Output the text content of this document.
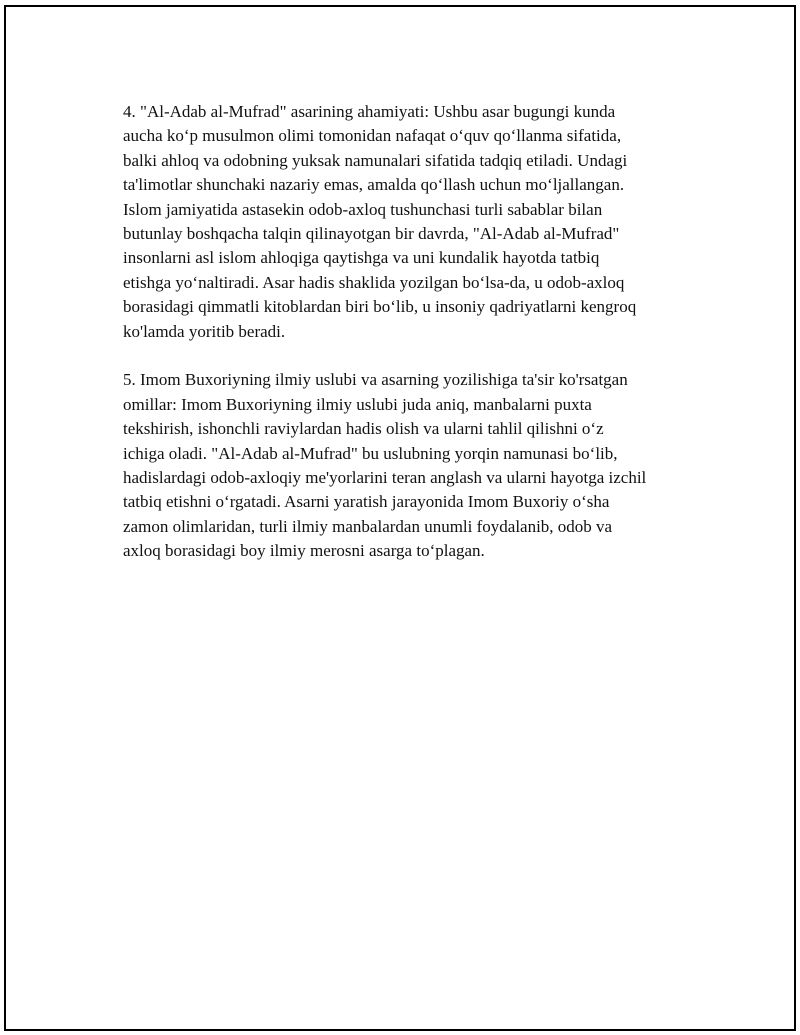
4. "Al-Adab al-Mufrad" asarining ahamiyati: Ushbu asar bugungi kunda
aucha koʻp musulmon olimi tomonidan nafaqat oʻquv qoʻllanma sifatida,
balki ahloq va odobning yuksak namunalari sifatida tadqiq etiladi. Undagi
ta'limotlar shunchaki nazariy emas, amalda qoʻllash uchun moʻljallangan.
Islom jamiyatida astasekin odob-axloq tushunchasi turli sabablar bilan
butunlay boshqacha talqin qilinayotgan bir davrda, "Al-Adab al-Mufrad"
insonlarni asl islom ahloqiga qaytishga va uni kundalik hayotda tatbiq
etishga yoʻnaltiradi. Asar hadis shaklida yozilgan boʻlsa-da, u odob-axloq
borasidagi qimmatli kitoblardan biri boʻlib, u insoniy qadriyatlarni kengroq
ko'lamda yoritib beradi.

5. Imom Buxoriyning ilmiy uslubi va asarning yozilishiga ta'sir ko'rsatgan
omillar: Imom Buxoriyning ilmiy uslubi juda aniq, manbalarni puxta
tekshirish, ishonchli raviylardan hadis olish va ularni tahlil qilishni oʻz
ichiga oladi. "Al-Adab al-Mufrad" bu uslubning yorqin namunasi boʻlib,
hadislardagi odob-axloqiy me'yorlarini teran anglash va ularni hayotga izchil
tatbiq etishni oʻrgatadi. Asarni yaratish jarayonida Imom Buxoriy oʻsha
zamon olimlaridan, turli ilmiy manbalardan unumli foydalanib, odob va
axloq borasidagi boy ilmiy merosni asarga toʻplagan.
